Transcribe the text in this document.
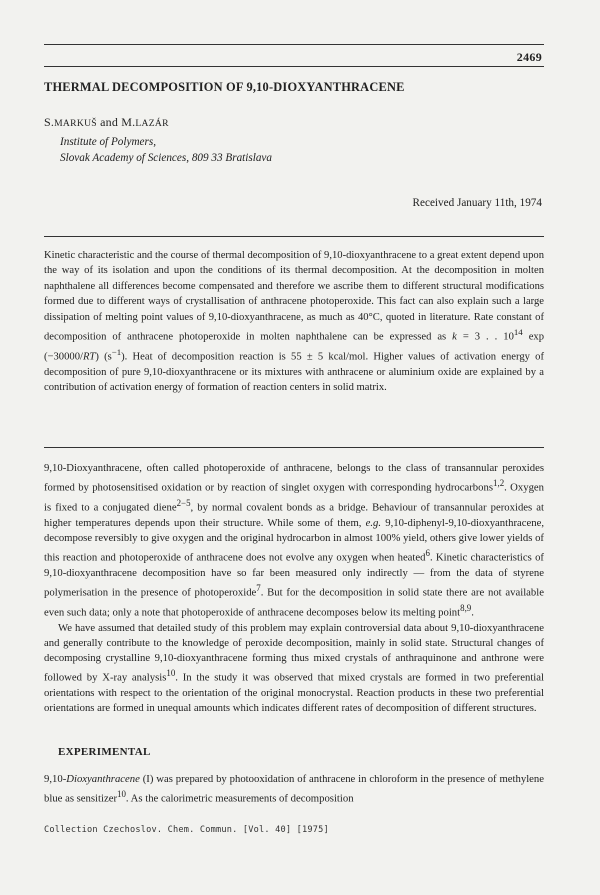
2469
THERMAL DECOMPOSITION OF 9,10-DIOXYANTHRACENE
S.MARKUŠ and M.LAZÁR
Institute of Polymers,
Slovak Academy of Sciences, 809 33 Bratislava
Received January 11th, 1974

Kinetic characteristic and the course of thermal decomposition of 9,10-dioxyanthracene to a great extent depend upon the way of its isolation and upon the conditions of its thermal decomposition. At the decomposition in molten naphthalene all differences become compensated and therefore we ascribe them to different structural modifications formed due to different ways of crystallisation of anthracene photoperoxide. This fact can also explain such a large dissipation of melting point values of 9,10-dioxyanthracene, as much as 40°C, quoted in literature. Rate constant of decomposition of anthracene photoperoxide in molten naphthalene can be expressed as k = 3 . . $10^{14}$ exp (−30000/RT) $(s^{-1})$. Heat of decomposition reaction is 55 ± 5 kcal/mol. Higher values of activation energy of decomposition of pure 9,10-dioxyanthracene or its mixtures with anthracene or aluminium oxide are explained by a contribution of activation energy of formation of reaction centers in solid matrix.

9,10-Dioxyanthracene, often called photoperoxide of anthracene, belongs to the class of transannular peroxides formed by photosensitised oxidation or by reaction of singlet oxygen with corresponding hydrocarbons$^{1,2}$. Oxygen is fixed to a conjugated diene$^{2-5}$, by normal covalent bonds as a bridge. Behaviour of transannular peroxides at higher temperatures depends upon their structure. While some of them, e.g. 9,10-diphenyl-9,10-dioxyanthracene, decompose reversibly to give oxygen and the original hydrocarbon in almost 100% yield, others give lower yields of this reaction and photoperoxide of anthracene does not evolve any oxygen when heated$^6$. Kinetic characteristics of 9,10-dioxyanthracene decomposition have so far been measured only indirectly — from the data of styrene polymerisation in the presence of photoperoxide$^7$. But for the decomposition in solid state there are not available even such data; only a note that photoperoxide of anthracene decomposes below its melting point$^{8,9}$.

We have assumed that detailed study of this problem may explain controversial data about 9,10-dioxyanthracene and generally contribute to the knowledge of peroxide decomposition, mainly in solid state. Structural changes of decomposing crystalline 9,10-dioxyanthracene forming thus mixed crystals of anthraquinone and anthrone were followed by X-ray analysis$^{10}$. In the study it was observed that mixed crystals are formed in two preferential orientations with respect to the orientation of the original monocrystal. Reaction products in these two preferential orientations are formed in unequal amounts which indicates different rates of decomposition of different structures.

EXPERIMENTAL

9,10-Dioxyanthracene (I) was prepared by photooxidation of anthracene in chloroform in the presence of methylene blue as sensitizer$^{10}$. As the calorimetric measurements of decomposition

Collection Czechoslov. Chem. Commun. [Vol. 40] [1975]
